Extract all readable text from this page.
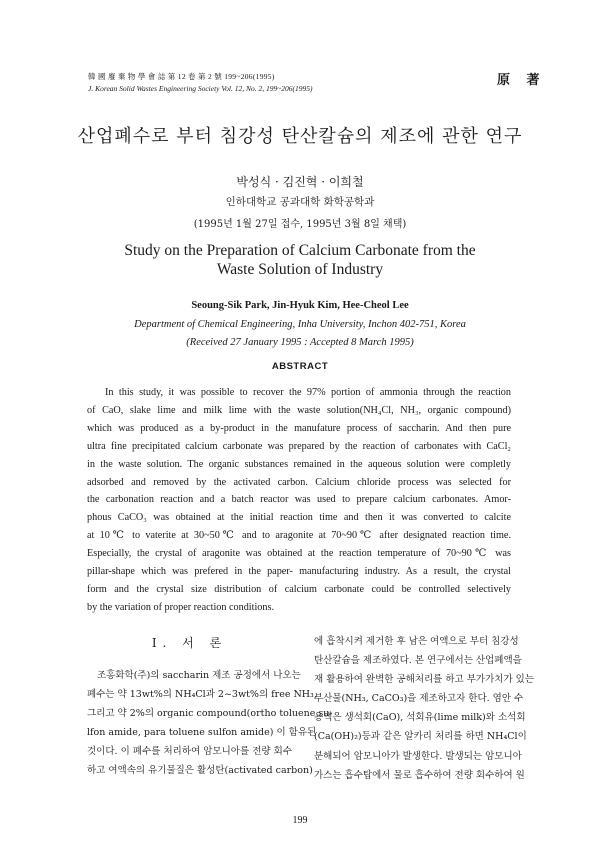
韓 國 廢 棄 物 學 會 誌 第 12 卷 第 2 號 199~206(1995)
J. Korean Solid Wastes Engineering Society Vol. 12, No. 2, 199~206(1995)
原 著
산업폐수로 부터 침강성 탄산칼슘의 제조에 관한 연구
박성식 · 김진혁 · 이희철
인하대학교 공과대학 화학공학과
(1995년 1월 27일 접수, 1995년 3월 8일 채택)
Study on the Preparation of Calcium Carbonate from the
Waste Solution of Industry
Seoung-Sik Park, Jin-Hyuk Kim, Hee-Cheol Lee
Department of Chemical Engineering, Inha University, Inchon 402-751, Korea
(Received 27 January 1995 : Accepted 8 March 1995)
ABSTRACT

In this study, it was possible to recover the 97% portion of ammonia through the reaction
of CaO, slake lime and milk lime with the waste solution(NH₄Cl, NH₃, organic compound)
which was produced as a by-product in the manufature process of saccharin. And then pure
ultra fine precipitated calcium carbonate was prepared by the reaction of carbonates with CaCl₂
in the waste solution. The organic substances remained in the aqueous solution were completly
adsorbed and removed by the activated carbon. Calcium chloride process was selected for
the carbonation reaction and a batch reactor was used to prepare calcium carbonates. Amor-
phous CaCO₃ was obtained at the initial reaction time and then it was converted to calcite
at 10℃ to vaterite at 30~50℃ and to aragonite at 70~90℃ after designated reaction time.
Especially, the crystal of aragonite was obtained at the reaction temperature of 70~90℃ was
pillar-shape which was prefered in the paper- manufacturing industry. As a result, the crystal
form and the crystal size distribution of calcium carbonate could be controlled selectively
by the variation of proper reaction conditions.

Ⅰ. 서 론
조홍화학(주)의 saccharin 제조 공정에서 나오는
폐수는 약 13wt%의 NH₄Cl과 2~3wt%의 free NH₃,
그리고 약 2%의 organic compound(ortho toluene su-
lfon amide, para toluene sulfon amide) 이 함유된
것이다. 이 폐수를 처리하여 암모니아를 전량 회수
하고 여액속의 유기물질은 활성탄(activated carbon)
에 흡착시켜 제거한 후 남은 여액으로 부터 침강성
탄산칼슘을 제조하였다. 본 연구에서는 산업폐액을
재 활용하여 완벽한 공해처리를 하고 부가가치가 있는
부산물(NH₃, CaCO₃)을 제조하고자 한다. 염안 수
용액은 생석회(CaO), 석회유(lime milk)와 소석회
(Ca(OH)₂)등과 같은 알카리 처리를 하면 NH₄Cl이
분해되어 암모니아가 발생한다. 발생되는 암모니아
가스는 흡수탑에서 물로 흡수하여 전량 회수하여 원
199
